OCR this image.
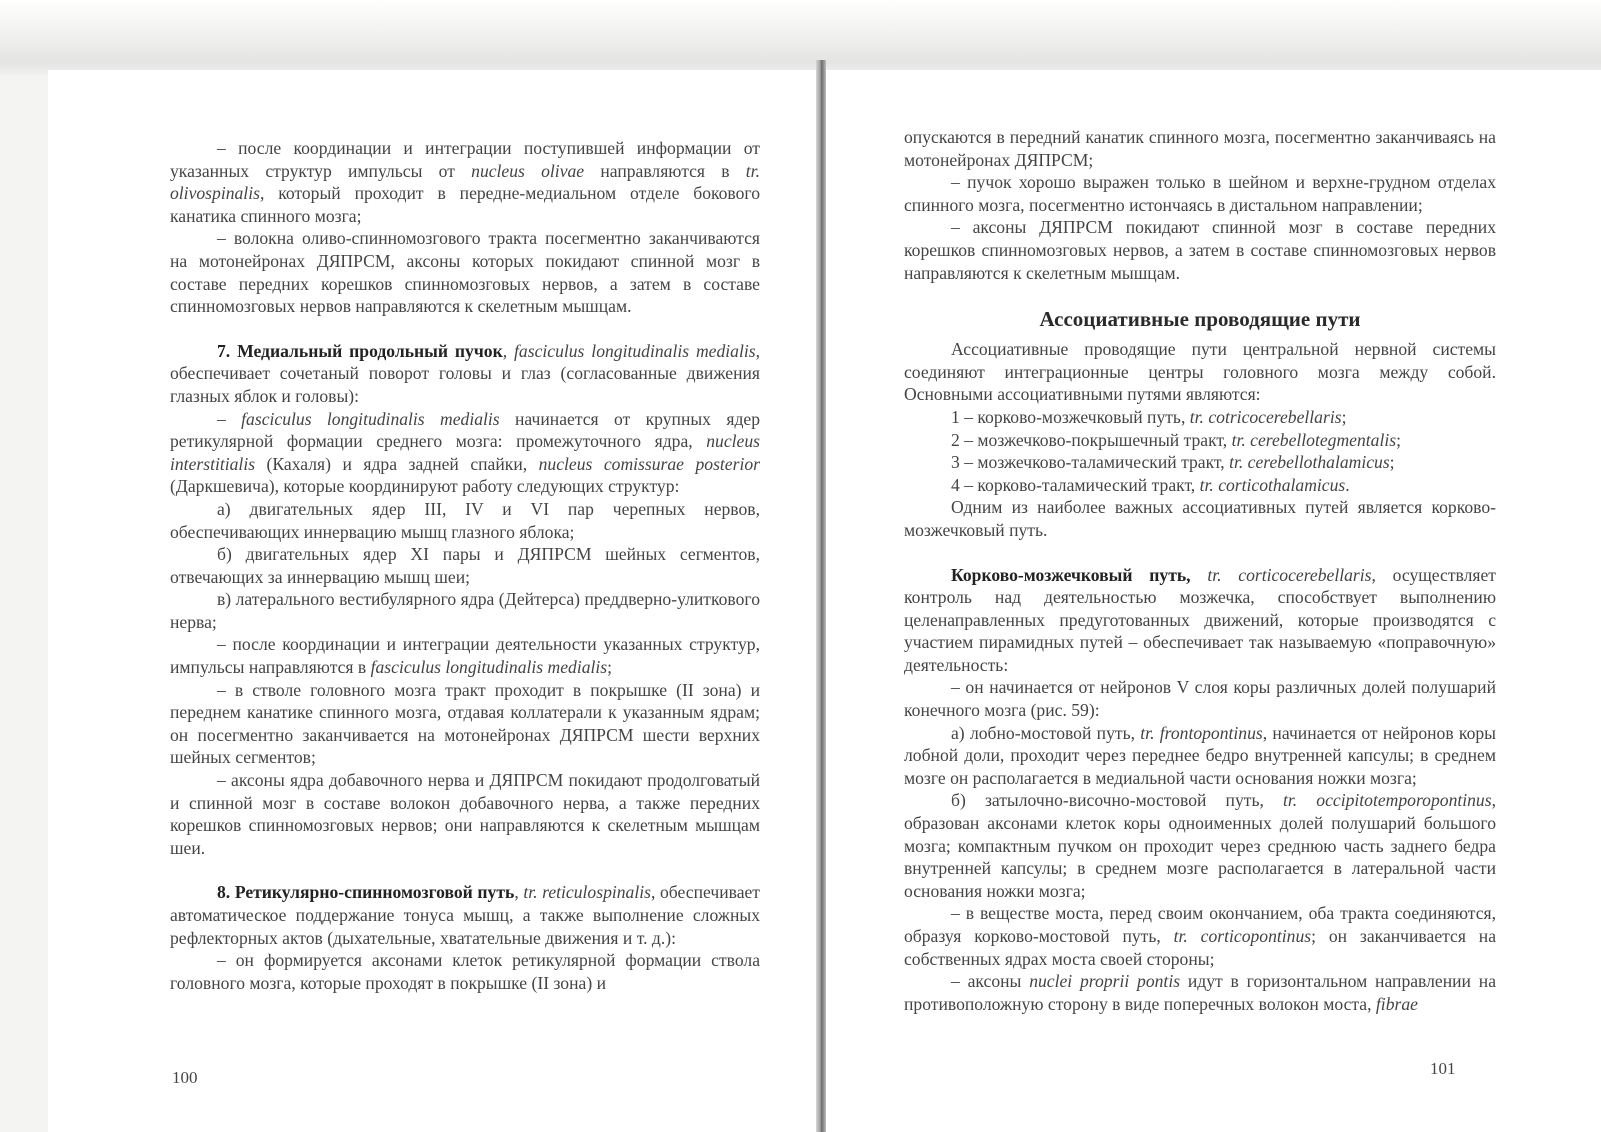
– после координации и интеграции поступившей информации от указанных структур импульсы от nucleus olivae направляются в tr. olivospinalis, который проходит в передне-медиальном отделе бокового канатика спинного мозга;

– волокна оливо-спинномозгового тракта посегментно заканчиваются на мотонейронах ДЯПРСМ, аксоны которых покидают спинной мозг в составе передних корешков спинномозговых нервов, а затем в составе спинномозговых нервов направляются к скелетным мышцам.

7. Медиальный продольный пучок, fasciculus longitudinalis medialis, обеспечивает сочетаный поворот головы и глаз (согласованные движения глазных яблок и головы):

– fasciculus longitudinalis medialis начинается от крупных ядер ретикулярной формации среднего мозга: промежуточного ядра, nucleus interstitialis (Кахаля) и ядра задней спайки, nucleus comissurae posterior (Даркшевича), которые координируют работу следующих структур:

а) двигательных ядер III, IV и VI пар черепных нервов, обеспечивающих иннервацию мышц глазного яблока;

б) двигательных ядер XI пары и ДЯПРСМ шейных сегментов, отвечающих за иннервацию мышц шеи;

в) латерального вестибулярного ядра (Дейтерса) преддверно-улиткового нерва;

– после координации и интеграции деятельности указанных структур, импульсы направляются в fasciculus longitudinalis medialis;

– в стволе головного мозга тракт проходит в покрышке (II зона) и переднем канатике спинного мозга, отдавая коллатерали к указанным ядрам; он посегментно заканчивается на мотонейронах ДЯПРСМ шести верхних шейных сегментов;

– аксоны ядра добавочного нерва и ДЯПРСМ покидают продолговатый и спинной мозг в составе волокон добавочного нерва, а также передних корешков спинномозговых нервов; они направляются к скелетным мышцам шеи.

8. Ретикулярно-спинномозговой путь, tr. reticulospinalis, обеспечивает автоматическое поддержание тонуса мышц, а также выполнение сложных рефлекторных актов (дыхательные, хватательные движения и т. д.):

– он формируется аксонами клеток ретикулярной формации ствола головного мозга, которые проходят в покрышке (II зона) и

100

опускаются в передний канатик спинного мозга, посегментно заканчиваясь на мотонейронах ДЯПРСМ;

– пучок хорошо выражен только в шейном и верхне-грудном отделах спинного мозга, посегментно истончаясь в дистальном направлении;

– аксоны ДЯПРСМ покидают спинной мозг в составе передних корешков спинномозговых нервов, а затем в составе спинномозговых нервов направляются к скелетным мышцам.

Ассоциативные проводящие пути

Ассоциативные проводящие пути центральной нервной системы соединяют интеграционные центры головного мозга между собой. Основными ассоциативными путями являются:

1 – корково-мозжечковый путь, tr. cotricocerebellaris;

2 – мозжечково-покрышечный тракт, tr. cerebellotegmentalis;

3 – мозжечково-таламический тракт, tr. cerebellothalamicus;

4 – корково-таламический тракт, tr. corticothalamicus.

Одним из наиболее важных ассоциативных путей является корково-мозжечковый путь.

Корково-мозжечковый путь, tr. corticocerebellaris, осуществляет контроль над деятельностью мозжечка, способствует выполнению целенаправленных предуготованных движений, которые производятся с участием пирамидных путей – обеспечивает так называемую «поправочную» деятельность:

– он начинается от нейронов V слоя коры различных долей полушарий конечного мозга (рис. 59):

а) лобно-мостовой путь, tr. frontopontinus, начинается от нейронов коры лобной доли, проходит через переднее бедро внутренней капсулы; в среднем мозге он располагается в медиальной части основания ножки мозга;

б) затылочно-височно-мостовой путь, tr. occipitotemporopontinus, образован аксонами клеток коры одноименных долей полушарий большого мозга; компактным пучком он проходит через среднюю часть заднего бедра внутренней капсулы; в среднем мозге располагается в латеральной части основания ножки мозга;

– в веществе моста, перед своим окончанием, оба тракта соединяются, образуя корково-мостовой путь, tr. corticopontinus; он заканчивается на собственных ядрах моста своей стороны;

– аксоны nuclei proprii pontis идут в горизонтальном направлении на противоположную сторону в виде поперечных волокон моста, fibrae

101
